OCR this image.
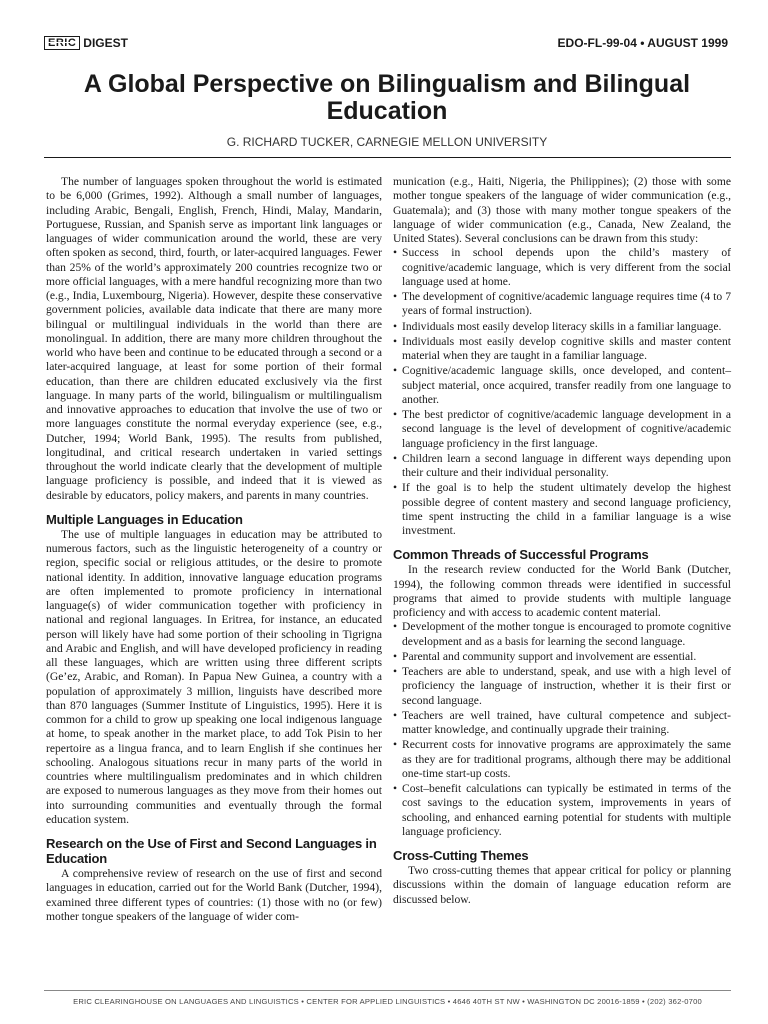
ERIC DIGEST	EDO-FL-99-04 • AUGUST 1999
A Global Perspective on Bilingualism and Bilingual Education
G. RICHARD TUCKER, CARNEGIE MELLON UNIVERSITY

The number of languages spoken throughout the world is estimated to be 6,000 (Grimes, 1992). Although a small number of languages, including Arabic, Bengali, English, French, Hindi, Malay, Mandarin, Portuguese, Russian, and Spanish serve as important link languages or languages of wider communication around the world, these are very often spoken as second, third, fourth, or later-acquired languages. Fewer than 25% of the world’s approximately 200 countries recognize two or more official languages, with a mere handful recognizing more than two (e.g., India, Luxembourg, Nigeria). However, despite these conservative government policies, available data indicate that there are many more bilingual or multilingual individuals in the world than there are monolingual. In addition, there are many more children throughout the world who have been and continue to be educated through a second or a later-acquired language, at least for some portion of their formal education, than there are children educated exclusively via the first language. In many parts of the world, bilingualism or multilingualism and innovative approaches to education that involve the use of two or more languages constitute the normal everyday experience (see, e.g., Dutcher, 1994; World Bank, 1995). The results from published, longitudinal, and critical research undertaken in varied settings throughout the world indicate clearly that the development of multiple language proficiency is possible, and indeed that it is viewed as desirable by educators, policy makers, and parents in many countries.

Multiple Languages in Education

The use of multiple languages in education may be attributed to numerous factors, such as the linguistic heterogeneity of a country or region, specific social or religious attitudes, or the desire to promote national identity. In addition, innovative language education programs are often implemented to promote proficiency in international language(s) of wider communication together with proficiency in national and regional languages. In Eritrea, for instance, an educated person will likely have had some portion of their schooling in Tigrigna and Arabic and English, and will have developed proficiency in reading all these languages, which are written using three different scripts (Ge’ez, Arabic, and Roman). In Papua New Guinea, a country with a population of approximately 3 million, linguists have described more than 870 languages (Summer Institute of Linguistics, 1995). Here it is common for a child to grow up speaking one local indigenous language at home, to speak another in the market place, to add Tok Pisin to her repertoire as a lingua franca, and to learn English if she continues her schooling. Analogous situations recur in many parts of the world in countries where multilingualism predominates and in which children are exposed to numerous languages as they move from their homes out into surrounding communities and eventually through the formal education system.

Research on the Use of First and Second Languages in Education

A comprehensive review of research on the use of first and second languages in education, carried out for the World Bank (Dutcher, 1994), examined three different types of countries: (1) those with no (or few) mother tongue speakers of the language of wider com-

munication (e.g., Haiti, Nigeria, the Philippines); (2) those with some mother tongue speakers of the language of wider communication (e.g., Guatemala); and (3) those with many mother tongue speakers of the language of wider communication (e.g., Canada, New Zealand, the United States). Several conclusions can be drawn from this study:

• Success in school depends upon the child’s mastery of cognitive/academic language, which is very different from the social language used at home.
• The development of cognitive/academic language requires time (4 to 7 years of formal instruction).
• Individuals most easily develop literacy skills in a familiar language.
• Individuals most easily develop cognitive skills and master content material when they are taught in a familiar language.
• Cognitive/academic language skills, once developed, and content–subject material, once acquired, transfer readily from one language to another.
• The best predictor of cognitive/academic language development in a second language is the level of development of cognitive/academic language proficiency in the first language.
• Children learn a second language in different ways depending upon their culture and their individual personality.
• If the goal is to help the student ultimately develop the highest possible degree of content mastery and second language proficiency, time spent instructing the child in a familiar language is a wise investment.
Common Threads of Successful Programs

In the research review conducted for the World Bank (Dutcher, 1994), the following common threads were identified in successful programs that aimed to provide students with multiple language proficiency and with access to academic content material.

• Development of the mother tongue is encouraged to promote cognitive development and as a basis for learning the second language.
• Parental and community support and involvement are essential.
• Teachers are able to understand, speak, and use with a high level of proficiency the language of instruction, whether it is their first or second language.
• Teachers are well trained, have cultural competence and subject-matter knowledge, and continually upgrade their training.
• Recurrent costs for innovative programs are approximately the same as they are for traditional programs, although there may be additional one-time start-up costs.
• Cost–benefit calculations can typically be estimated in terms of the cost savings to the education system, improvements in years of schooling, and enhanced earning potential for students with multiple language proficiency.
Cross-Cutting Themes

Two cross-cutting themes that appear critical for policy or planning discussions within the domain of language education reform are discussed below.

ERIC CLEARINGHOUSE ON LANGUAGES AND LINGUISTICS • CENTER FOR APPLIED LINGUISTICS • 4646 40TH ST NW • WASHINGTON DC 20016-1859 • (202) 362-0700
